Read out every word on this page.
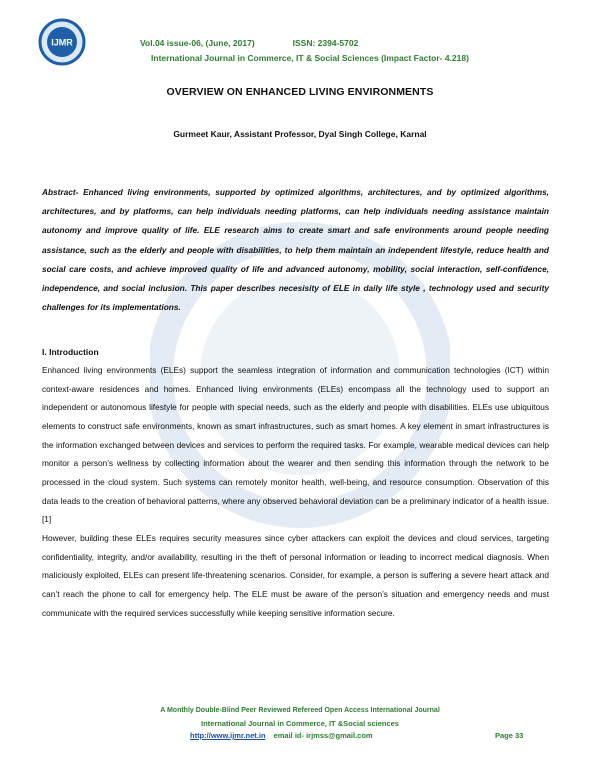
IJMR	Vol.04 issue-06, (June, 2017)	ISSN: 2394-5702
International Journal in Commerce, IT & Social Sciences (Impact Factor- 4.218)
OVERVIEW ON ENHANCED LIVING ENVIRONMENTS
Gurmeet Kaur, Assistant Professor, Dyal Singh College, Karnal
Abstract- Enhanced living environments, supported by optimized algorithms, architectures, and by optimized algorithms, architectures, and by platforms, can help individuals needing platforms, can help individuals needing assistance maintain autonomy and improve quality of life. ELE research aims to create smart and safe environments around people needing assistance, such as the elderly and people with disabilities, to help them maintain an independent lifestyle, reduce health and social care costs, and achieve improved quality of life and advanced autonomy, mobility, social interaction, self-confidence, independence, and social inclusion. This paper describes necesisity of ELE in daily life style , technology used and security challenges for its implementations.
I. Introduction

Enhanced living environments (ELEs) support the seamless integration of information and communication technologies (ICT) within context-aware residences and homes. Enhanced living environments (ELEs) encompass all the technology used to support an independent or autonomous lifestyle for people with special needs, such as the elderly and people with disabilities. ELEs use ubiquitous elements to construct safe environments, known as smart infrastructures, such as smart homes. A key element in smart infrastructures is the information exchanged between devices and services to perform the required tasks. For example, wearable medical devices can help monitor a person’s wellness by collecting information about the wearer and then sending this information through the network to be processed in the cloud system. Such systems can remotely monitor health, well-being, and resource consumption. Observation of this data leads to the creation of behavioral patterns, where any observed behavioral deviation can be a preliminary indicator of a health issue.[1]

However, building these ELEs requires security measures since cyber attackers can exploit the devices and cloud services, targeting confidentiality, integrity, and/or availability, resulting in the theft of personal information or leading to incorrect medical diagnosis. When maliciously exploited, ELEs can present life-threatening scenarios. Consider, for example, a person is suffering a severe heart attack and can’t reach the phone to call for emergency help. The ELE must be aware of the person’s situation and emergency needs and must communicate with the required services successfully while keeping sensitive information secure.

A Monthly Double-Blind Peer Reviewed Refereed Open Access International Journal
International Journal in Commerce, IT &Social sciences
http://www.ijmr.net.in email id- irjmss@gmail.com	Page 33
